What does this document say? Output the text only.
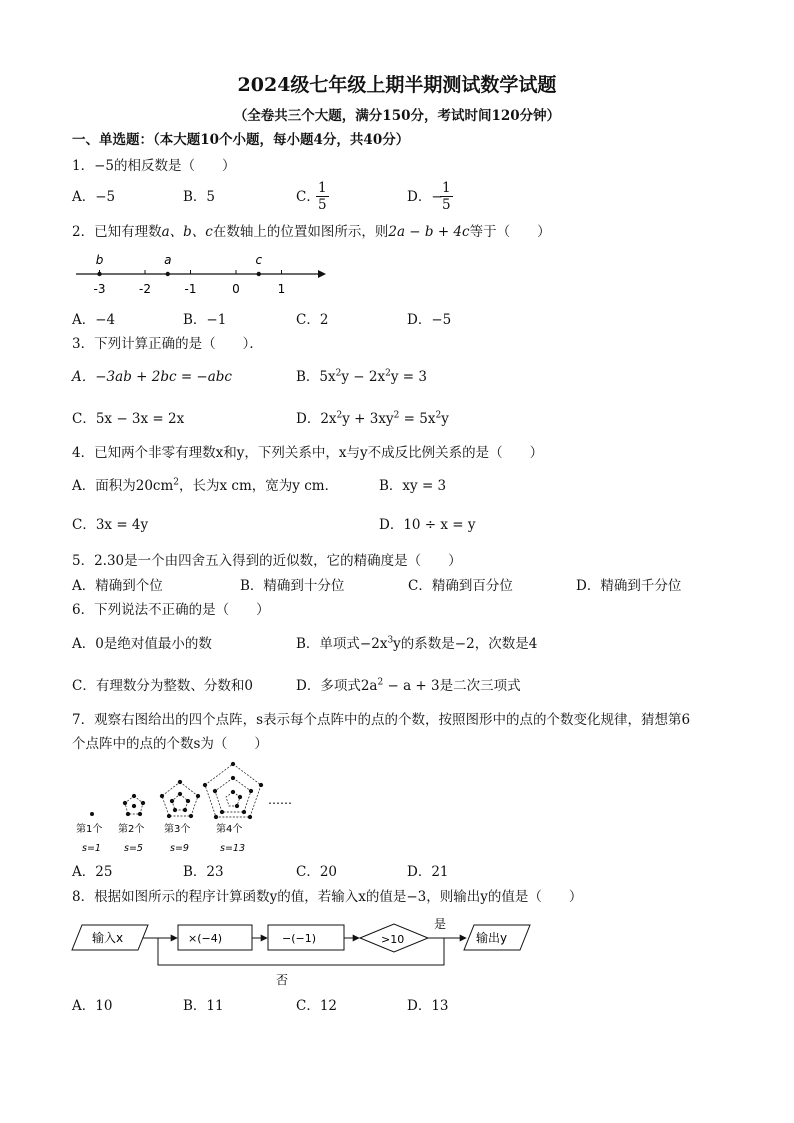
2024级七年级上期半期测试数学试题
（全卷共三个大题，满分150分，考试时间120分钟）
一、单选题：（本大题10个小题，每小题4分，共40分）
1．−5的相反数是（　　）
A．−5	B．5	C．
$\frac{1}{5}$	D．−
$\frac{1}{5}$
2．已知有理数a、b、c在数轴上的位置如图所示，则2a − b + 4c等于（　　）
-3	-2	-1	0	1
b	a	c
A．−4	B．−1	C．2	D．−5
3．下列计算正确的是（　　）．
A．−3ab + 2bc = −abc	B．$5x^2y - 2x^2y = 3$
C．5x − 3x = 2x	D．$2x^2y + 3xy^2 = 5x^2y$
4．已知两个非零有理数x和y，下列关系中，x与y不成反比例关系的是（　　）
A．面积为$20cm^2$，长为x cm，宽为y cm．	B．xy = 3
C．3x = 4y	D．10 ÷ x = y
5．2.30是一个由四舍五入得到的近似数，它的精确度是（　　）
A．精确到个位	B．精确到十分位	C．精确到百分位	D．精确到千分位
6．下列说法不正确的是（　　）
A．0是绝对值最小的数	B．单项式$-2x^3y$的系数是−2，次数是4
C．有理数分为整数、分数和0	D．多项式$2a^2 - a + 3$是二次三项式
7．观察右图给出的四个点阵，s表示每个点阵中的点的个数，按照图形中的点的个数变化规律，猜想第6
个点阵中的点的个数s为（　　）
……
第1个 第2个 第3个	第4个
s=1 s=5	s=9	s=13
A．25	B．23	C．20	D．21
8．根据如图所示的程序计算函数y的值，若输入x的值是−3，则输出y的值是（　　）
输入x	×(−4)	−(−1)	>10
是
输出y
否
A．10	B．11	C．12	D．13
